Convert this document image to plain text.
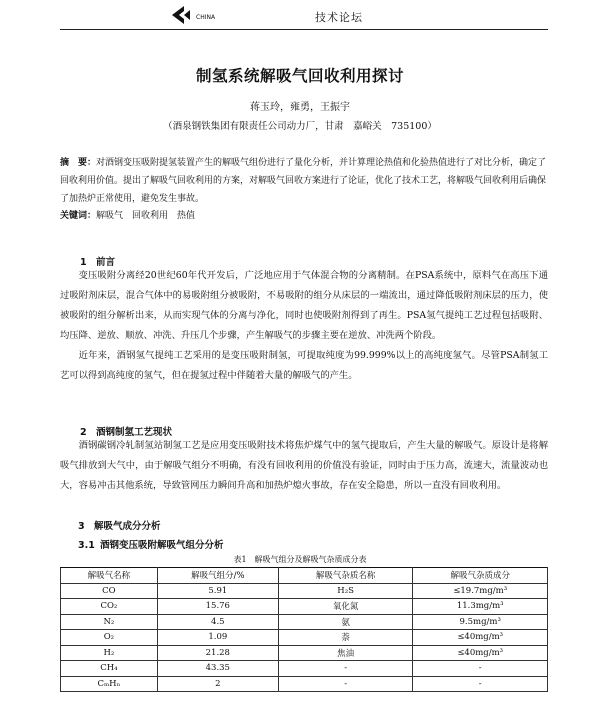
CHINA	技术论坛
制氢系统解吸气回收利用探讨
蒋玉玲，雍勇，王振宇
（酒泉钢铁集团有限责任公司动力厂，甘肃　嘉峪关　735100）
摘　要：对酒钢变压吸附提氢装置产生的解吸气组份进行了量化分析，并计算理论热值和化验热值进行了对比分析，确定了回收利用价值。提出了解吸气回收利用的方案，对解吸气回收方案进行了论证，优化了技术工艺，将解吸气回收利用后确保了加热炉正常使用，避免发生事故。
关键词：解吸气　回收利用　热值
1 前言

变压吸附分离经20世纪60年代开发后，广泛地应用于气体混合物的分离精制。在PSA系统中，原料气在高压下通过吸附剂床层，混合气体中的易吸附组分被吸附，不易吸附的组分从床层的一端流出，通过降低吸附剂床层的压力，使被吸附的组分解析出来，从而实现气体的分离与净化，同时也使吸附剂得到了再生。PSA氢气提纯工艺过程包括吸附、均压降、逆放、顺放、冲洗、升压几个步骤，产生解吸气的步骤主要在逆放、冲洗两个阶段。

近年来，酒钢氢气提纯工艺采用的是变压吸附制氢，可提取纯度为99.999%以上的高纯度氢气。尽管PSA制氢工艺可以得到高纯度的氢气，但在提氢过程中伴随着大量的解吸气的产生。

2 酒钢制氢工艺现状

酒钢碳钢冷轧制氢站制氢工艺是应用变压吸附技术将焦炉煤气中的氢气提取后，产生大量的解吸气。原设计是将解吸气排放到大气中，由于解吸气组分不明确，有没有回收利用的价值没有验证，同时由于压力高，流速大，流量波动也大，容易冲击其他系统，导致管网压力瞬间升高和加热炉熄火事故，存在安全隐患，所以一直没有回收利用。

3 解吸气成分分析
3.1 酒钢变压吸附解吸气组分分析
表1　解吸气组分及解吸气杂质成分表
解吸气名称	解吸气组分/%	解吸气杂质名称	解吸气杂质成分
CO	5.91	H₂S	≤19.7mg/m³
CO₂	15.76	氧化氮	11.3mg/m³
N₂	4.5	氨	9.5mg/m³
O₂	1.09	萘	≤40mg/m³
H₂	21.28	焦油	≤40mg/m³
CH₄	43.35	-	-
CₘHₙ	2	-	-
